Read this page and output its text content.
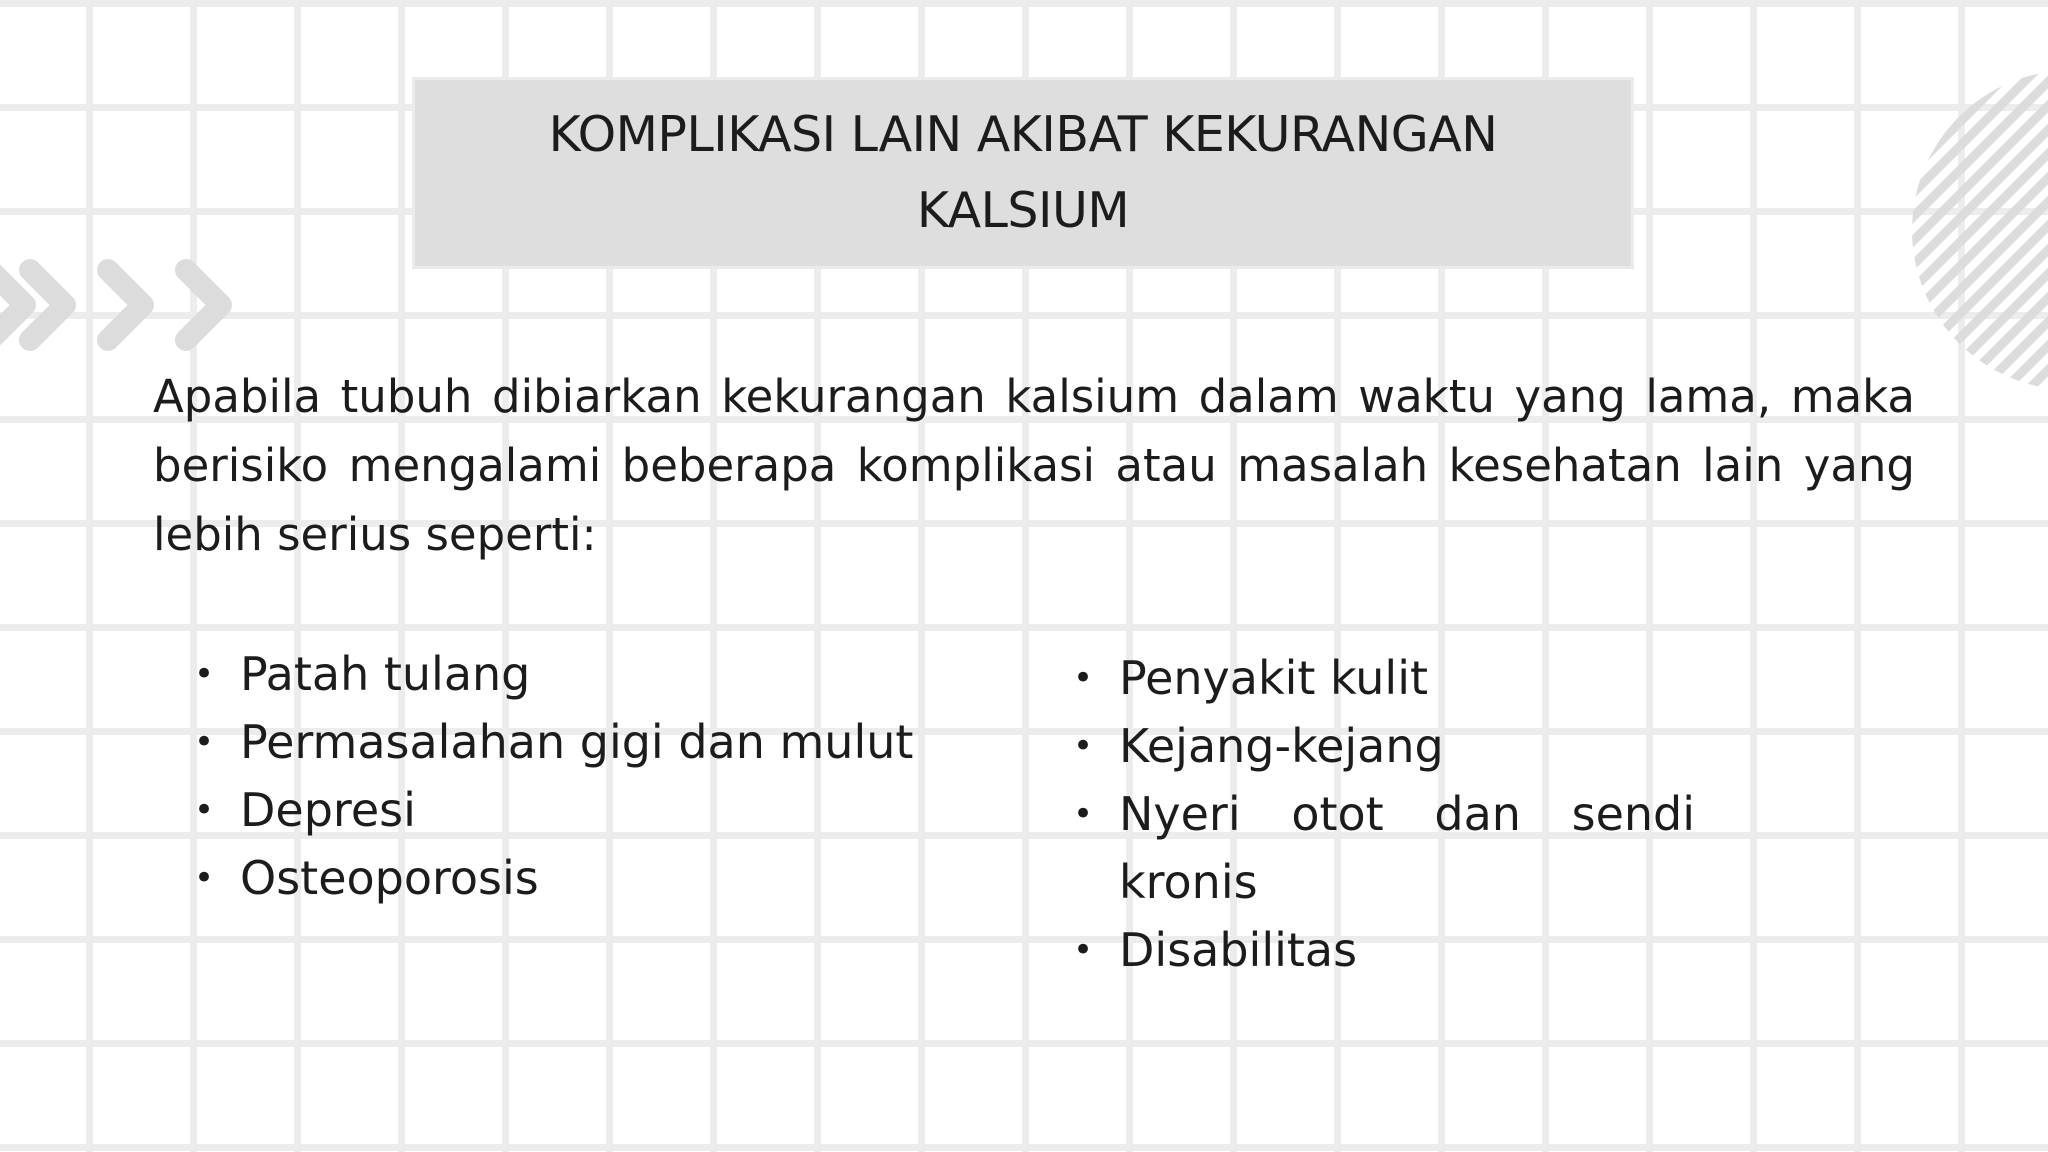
KOMPLIKASI LAIN AKIBAT KEKURANGAN KALSIUM

Apabila tubuh dibiarkan kekurangan kalsium dalam waktu yang lama, maka berisiko mengalami beberapa komplikasi atau masalah kesehatan lain yang lebih serius seperti:

• Patah tulang
• Permasalahan gigi dan mulut
• Depresi
• Osteoporosis
• Penyakit kulit
• Kejang-kejang
• Nyeri otot dan sendi kronis
• Disabilitas
